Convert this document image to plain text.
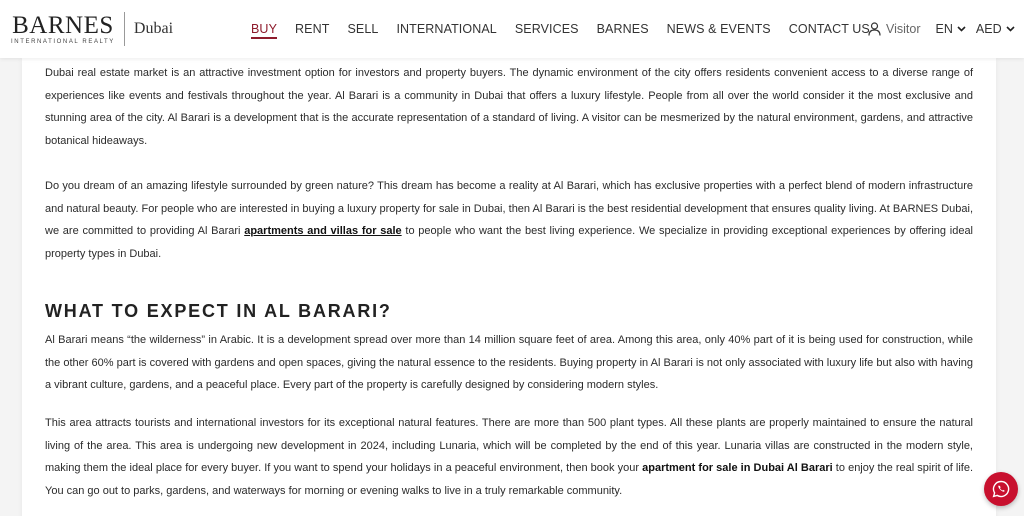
BARNES
INTERNATIONAL REALTY
Dubai	BUY RENT SELL INTERNATIONAL SERVICES BARNES NEWS & EVENTS CONTACT US Visitor EN AED

Dubai real estate market is an attractive investment option for investors and property buyers. The dynamic environment of the city offers residents convenient access to a diverse range of experiences like events and festivals throughout the year. Al Barari is a community in Dubai that offers a luxury lifestyle. People from all over the world consider it the most exclusive and stunning area of the city. Al Barari is a development that is the accurate representation of a standard of living. A visitor can be mesmerized by the natural environment, gardens, and attractive botanical hideaways.

Do you dream of an amazing lifestyle surrounded by green nature? This dream has become a reality at Al Barari, which has exclusive properties with a perfect blend of modern infrastructure and natural beauty. For people who are interested in buying a luxury property for sale in Dubai, then Al Barari is the best residential development that ensures quality living. At BARNES Dubai, we are committed to providing Al Barari apartments and villas for sale to people who want the best living experience. We specialize in providing exceptional experiences by offering ideal property types in Dubai.

WHAT TO EXPECT IN AL BARARI?

Al Barari means “the wilderness” in Arabic. It is a development spread over more than 14 million square feet of area. Among this area, only 40% part of it is being used for construction, while the other 60% part is covered with gardens and open spaces, giving the natural essence to the residents. Buying property in Al Barari is not only associated with luxury life but also with having a vibrant culture, gardens, and a peaceful place. Every part of the property is carefully designed by considering modern styles.

This area attracts tourists and international investors for its exceptional natural features. There are more than 500 plant types. All these plants are properly maintained to ensure the natural living of the area. This area is undergoing new development in 2024, including Lunaria, which will be completed by the end of this year. Lunaria villas are constructed in the modern style, making them the ideal place for every buyer. If you want to spend your holidays in a peaceful environment, then book your apartment for sale in Dubai Al Barari to enjoy the real spirit of life. You can go out to parks, gardens, and waterways for morning or evening walks to live in a truly remarkable community.
